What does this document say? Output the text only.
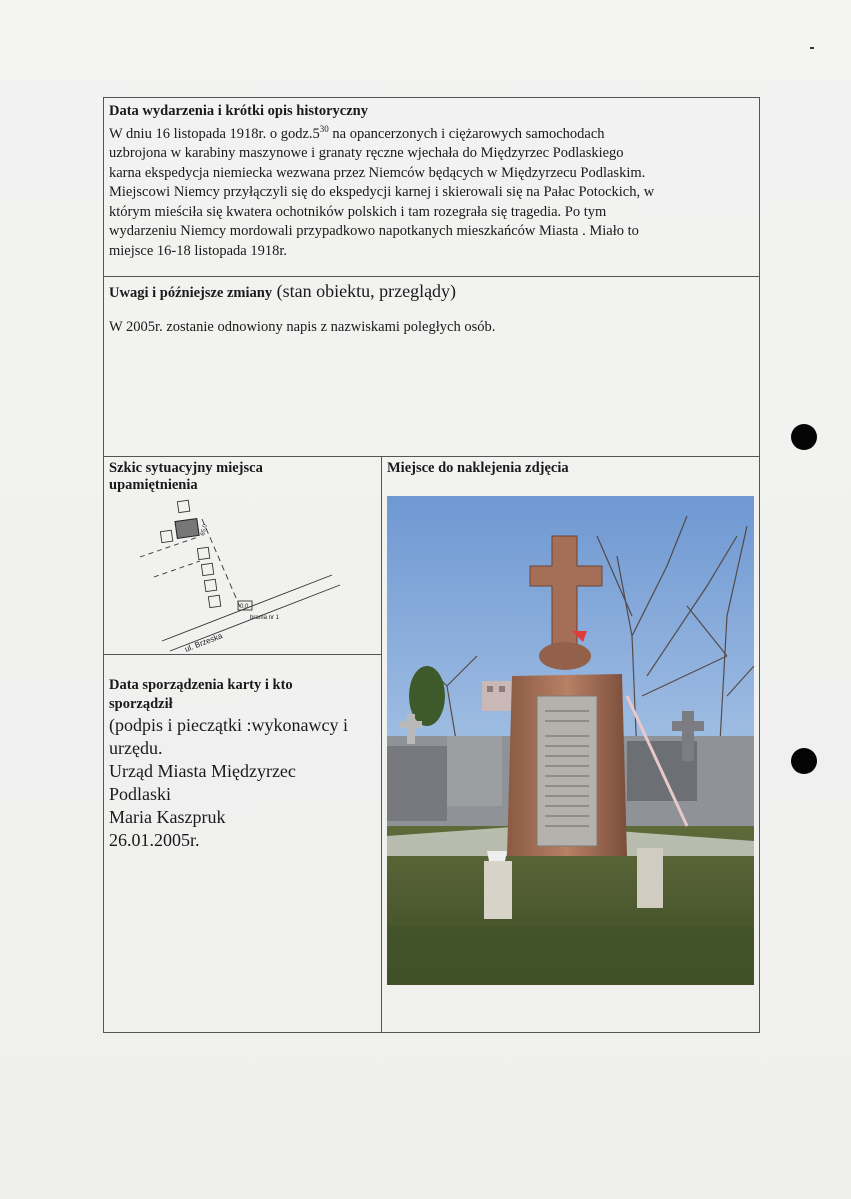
Data wydarzenia i krótki opis historyczny
W dniu 16 listopada 1918r. o $godz.5^{30}$ na opancerzonych i ciężarowych samochodach
uzbrojona w karabiny maszynowe i granaty ręczne wjechała do Międzyrzec Podlaskiego
karna ekspedycja niemiecka wezwana przez Niemców będących w Międzyrzecu Podlaskim.
Miejscowi Niemcy przyłączyli się do ekspedycji karnej i skierowali się na Pałac Potockich, w
którym mieściła się kwatera ochotników polskich i tam rozegrała się tragedia. Po tym
wydarzeniu Niemcy mordowali przypadkowo napotkanych mieszkańców Miasta . Miało to
miejsce 16-18 listopada 1918r.
Uwagi i późniejsze zmiany (stan obiektu, przeglądy)
W 2005r. zostanie odnowiony napis z nazwiskami poległych osób.
Szkic sytuacyjny miejsca
upamiętnienia
Data sporządzenia karty i kto
sporządził
(podpis i pieczątki :wykonawcy i
urzędu.
Urząd Miasta Międzyrzec
Podlaski
Maria Kaszpruk
26.01.2005r.
Miejsce do naklejenia zdjęcia
65,0
0,0
brama nr 1
ul. Brzeska
